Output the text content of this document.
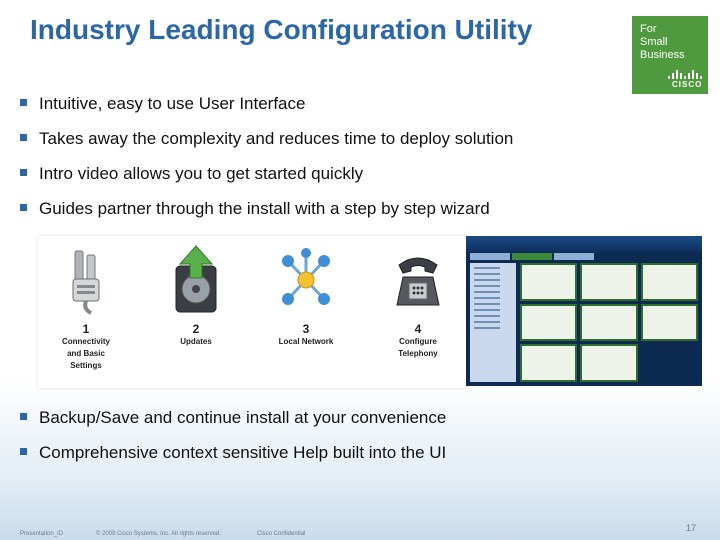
Industry Leading Configuration Utility	For
Small
Business
CISCO
Intuitive, easy to use User Interface
Takes away the complexity and reduces time to deploy solution
Intro video allows you to get started quickly
Guides partner through the install with a step by step wizard
1
Connectivity
and Basic
Settings
2
Updates
3
Local Network
4
Configure
Telephony
Backup/Save and continue install at your convenience
Comprehensive context sensitive Help built into the UI
Presentation_ID	© 2009 Cisco Systems, Inc. All rights reserved.	Cisco Confidential
17
